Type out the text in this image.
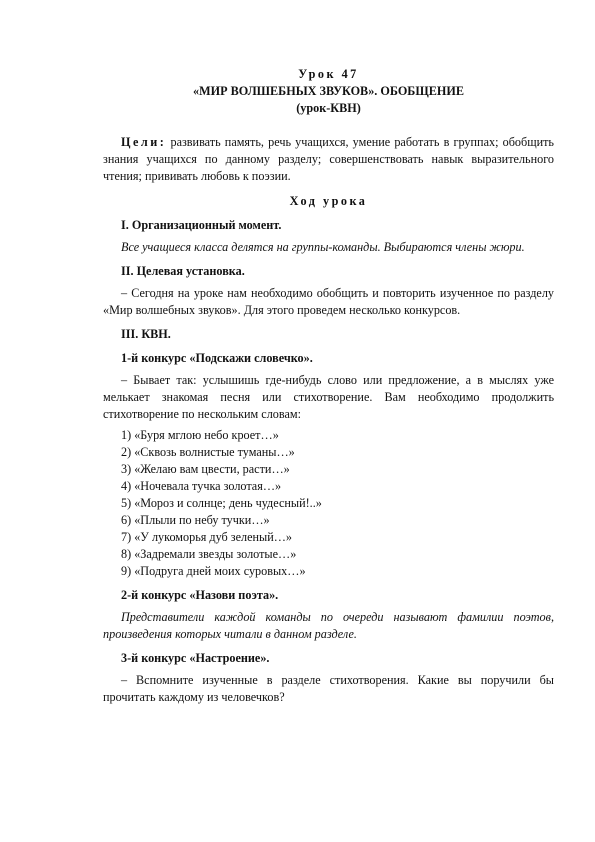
Урок 47

«МИР ВОЛШЕБНЫХ ЗВУКОВ». ОБОБЩЕНИЕ

(урок-КВН)

Цели: развивать память, речь учащихся, умение работать в группах; обобщить знания учащихся по данному разделу; совершенствовать навык выразительного чтения; прививать любовь к поэзии.

Ход урока

I. Организационный момент.

Все учащиеся класса делятся на группы-команды. Выбираются члены жюри.

II. Целевая установка.

– Сегодня на уроке нам необходимо обобщить и повторить изученное по разделу «Мир волшебных звуков». Для этого проведем несколько конкурсов.

III. КВН.

1-й конкурс «Подскажи словечко».

– Бывает так: услышишь где-нибудь слово или предложение, а в мыслях уже мелькает знакомая песня или стихотворение. Вам необходимо продолжить стихотворение по нескольким словам:

1) «Буря мглою небо кроет…»

2) «Сквозь волнистые туманы…»

3) «Желаю вам цвести, расти…»

4) «Ночевала тучка золотая…»

5) «Мороз и солнце; день чудесный!..»

6) «Плыли по небу тучки…»

7) «У лукоморья дуб зеленый…»

8) «Задремали звезды золотые…»

9) «Подруга дней моих суровых…»

2-й конкурс «Назови поэта».

Представители каждой команды по очереди называют фамилии поэтов, произведения которых читали в данном разделе.

3-й конкурс «Настроение».

– Вспомните изученные в разделе стихотворения. Какие вы поручили бы прочитать каждому из человечков?
